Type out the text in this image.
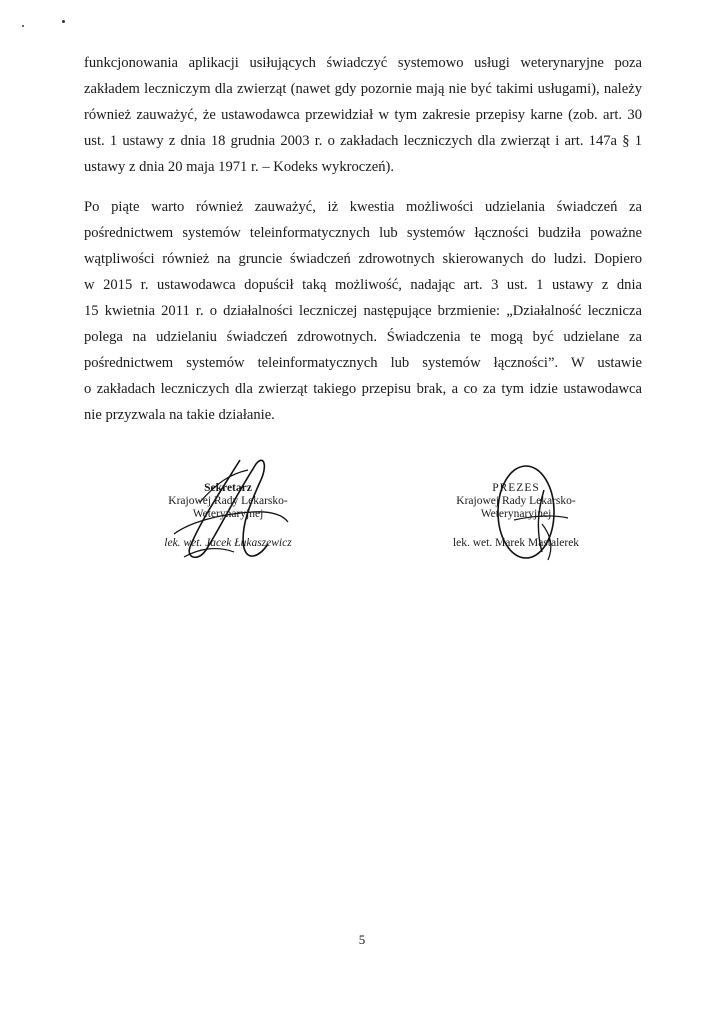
funkcjonowania aplikacji usiłujących świadczyć systemowo usługi weterynaryjne poza
zakładem leczniczym dla zwierząt (nawet gdy pozornie mają nie być takimi usługami), należy
również zauważyć, że ustawodawca przewidział w tym zakresie przepisy karne (zob. art. 30
ust. 1 ustawy z dnia 18 grudnia 2003 r. o zakładach leczniczych dla zwierząt i art. 147a § 1
ustawy z dnia 20 maja 1971 r. – Kodeks wykroczeń).
Po piąte warto również zauważyć, iż kwestia możliwości udzielania świadczeń za
pośrednictwem systemów teleinformatycznych lub systemów łączności budziła poważne
wątpliwości również na gruncie świadczeń zdrowotnych skierowanych do ludzi. Dopiero
w 2015 r. ustawodawca dopuścił taką możliwość, nadając art. 3 ust. 1 ustawy z dnia
15 kwietnia 2011 r. o działalności leczniczej następujące brzmienie: „Działalność lecznicza
polega na udzielaniu świadczeń zdrowotnych. Świadczenia te mogą być udzielane za
pośrednictwem systemów teleinformatycznych lub systemów łączności”. W ustawie
o zakładach leczniczych dla zwierząt takiego przepisu brak, a co za tym idzie ustawodawca
nie przyzwala na takie działanie.
Sekretarz
Krajowej Rady Lekarsko-Weterynaryjnej
lek. wet. Jacek Łukaszewicz
PREZES
Krajowej Rady Lekarsko-Weterynaryjnej
lek. wet. Marek Mastalerek
5
